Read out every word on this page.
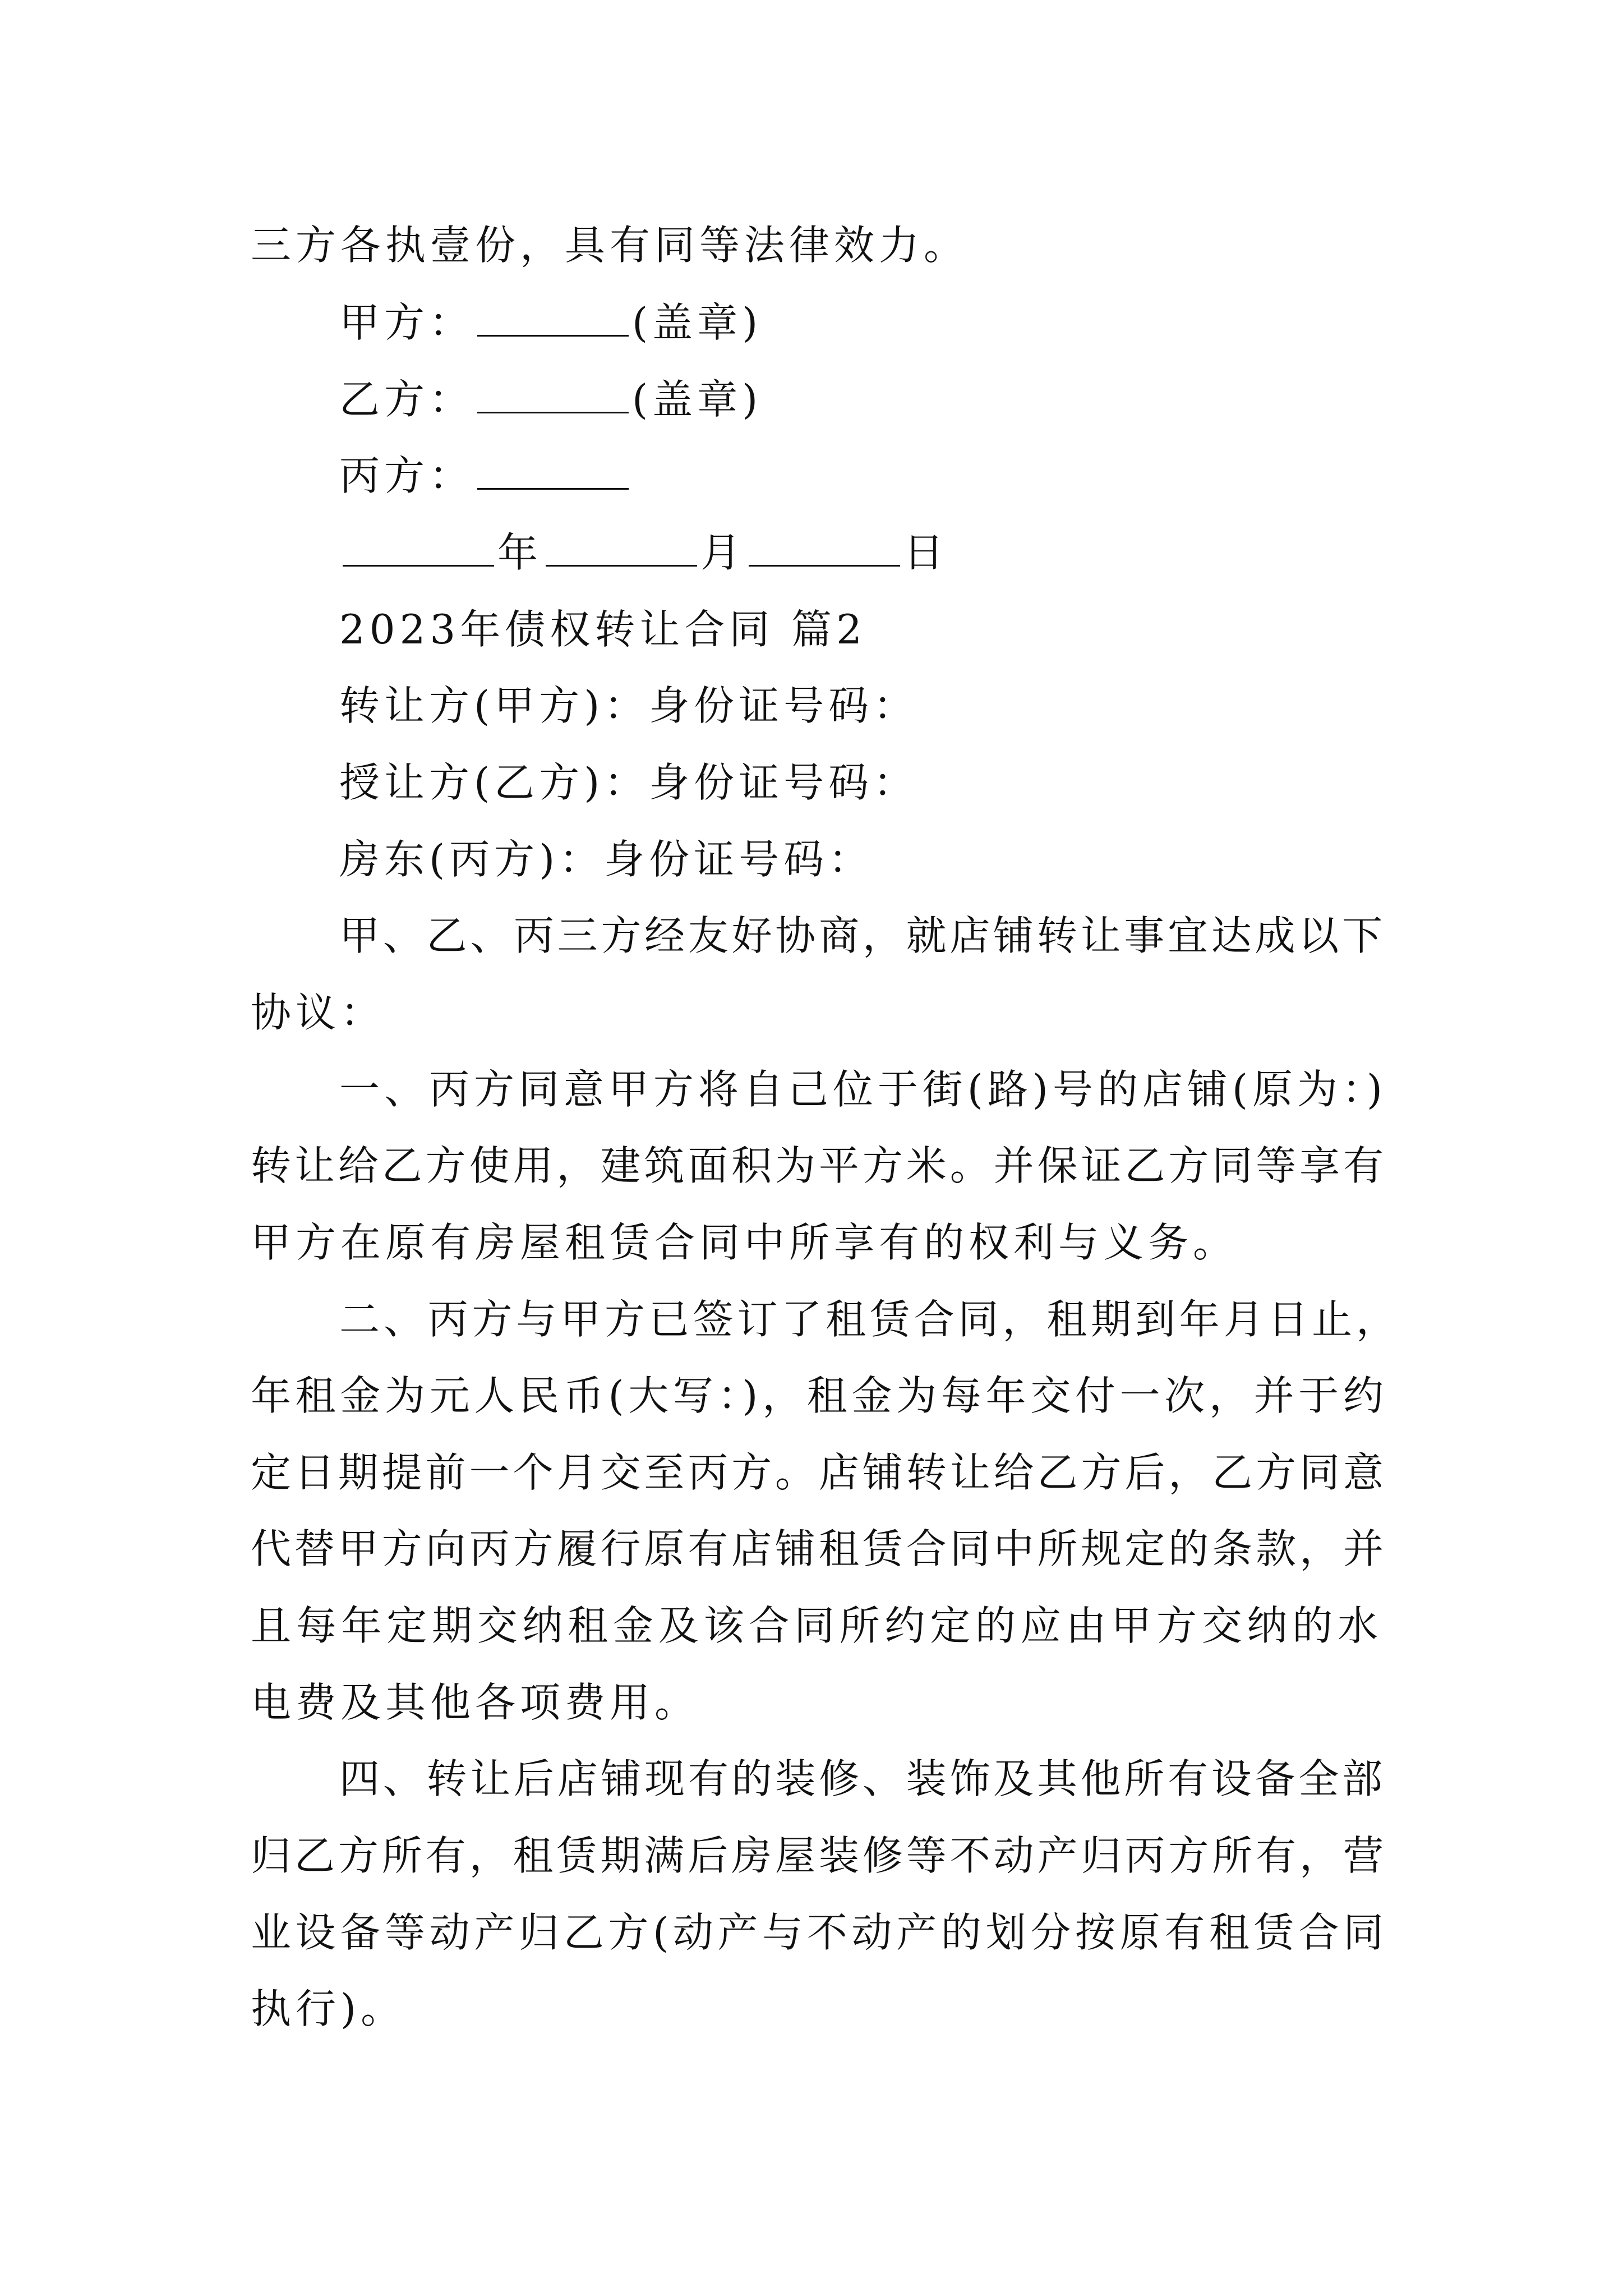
三方各执壹份，具有同等法律效力。
甲方：	(盖章)
乙方：	(盖章)
丙方：
年	月	日
2023年债权转让合同 篇2
转让方(甲方)：身份证号码：
授让方(乙方)：身份证号码：
房东(丙方)：身份证号码：
甲、乙、丙三方经友好协商，就店铺转让事宜达成以下
协议：
一、丙方同意甲方将自己位于街(路)号的店铺(原为：)
转让给乙方使用，建筑面积为平方米。并保证乙方同等享有
甲方在原有房屋租赁合同中所享有的权利与义务。
二、丙方与甲方已签订了租赁合同，租期到年月日止，
年租金为元人民币(大写：)，租金为每年交付一次，并于约
定日期提前一个月交至丙方。店铺转让给乙方后，乙方同意
代替甲方向丙方履行原有店铺租赁合同中所规定的条款，并
且每年定期交纳租金及该合同所约定的应由甲方交纳的水
电费及其他各项费用。
四、转让后店铺现有的装修、装饰及其他所有设备全部
归乙方所有，租赁期满后房屋装修等不动产归丙方所有，营
业设备等动产归乙方(动产与不动产的划分按原有租赁合同
执行)。
